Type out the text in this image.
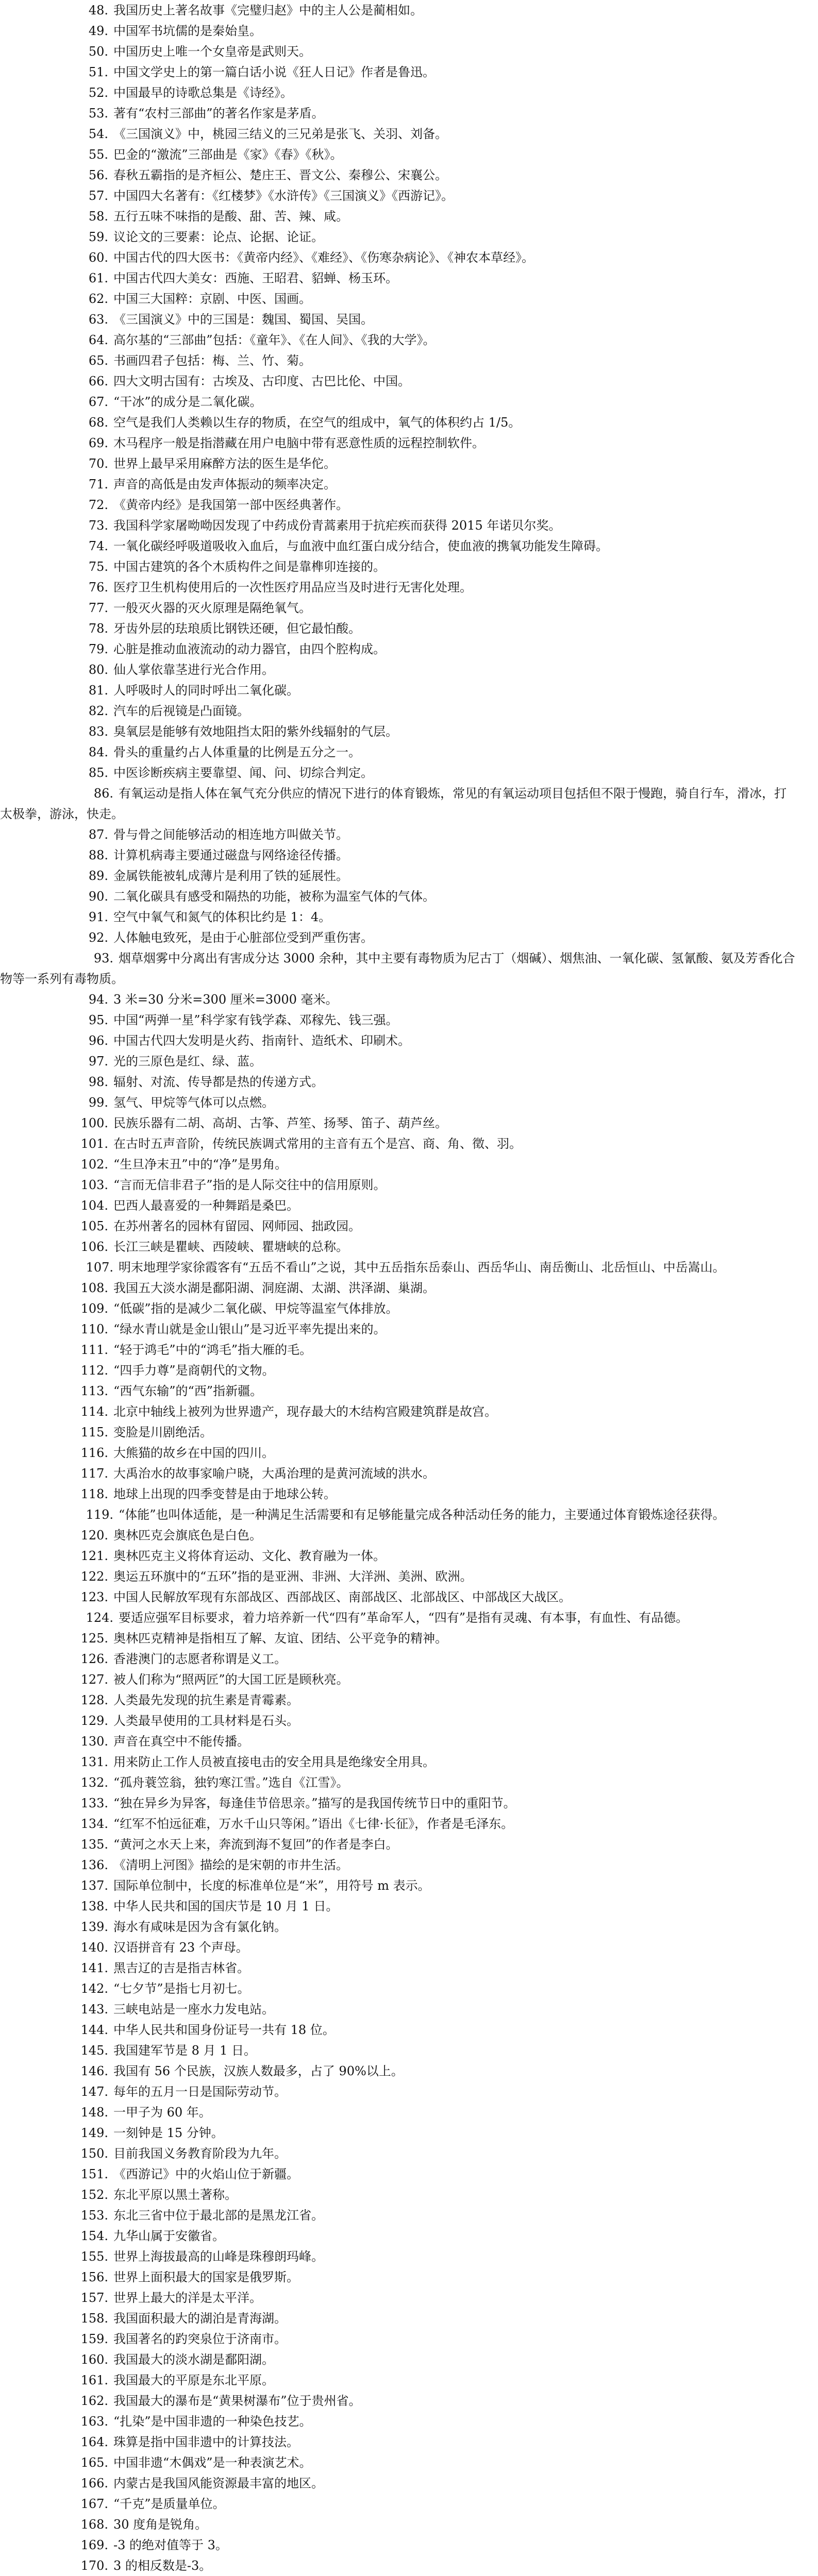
48. 我国历史上著名故事《完璧归赵》中的主人公是蔺相如。
49. 中国军书坑儒的是秦始皇。
50. 中国历史上唯一个女皇帝是武则天。
51. 中国文学史上的第一篇白话小说《狂人日记》作者是鲁迅。
52. 中国最早的诗歌总集是《诗经》。
53. 著有“农村三部曲”的著名作家是茅盾。
54. 《三国演义》中，桃园三结义的三兄弟是张飞、关羽、刘备。
55. 巴金的“激流”三部曲是《家》《春》《秋》。
56. 春秋五霸指的是齐桓公、楚庄王、晋文公、秦穆公、宋襄公。
57. 中国四大名著有：《红楼梦》《水浒传》《三国演义》《西游记》。
58. 五行五味不味指的是酸、甜、苦、辣、咸。
59. 议论文的三要素：论点、论据、论证。
60. 中国古代的四大医书：《黄帝内经》、《难经》、《伤寒杂病论》、《神农本草经》。
61. 中国古代四大美女：西施、王昭君、貂蝉、杨玉环。
62. 中国三大国粹：京剧、中医、国画。
63. 《三国演义》中的三国是：魏国、蜀国、吴国。
64. 高尔基的“三部曲”包括：《童年》、《在人间》、《我的大学》。
65. 书画四君子包括：梅、兰、竹、菊。
66. 四大文明古国有：古埃及、古印度、古巴比伦、中国。
67. “干冰”的成分是二氧化碳。
68. 空气是我们人类赖以生存的物质，在空气的组成中，氧气的体积约占 1/5。
69. 木马程序一般是指潜藏在用户电脑中带有恶意性质的远程控制软件。
70. 世界上最早采用麻醉方法的医生是华佗。
71. 声音的高低是由发声体振动的频率决定。
72. 《黄帝内经》是我国第一部中医经典著作。
73. 我国科学家屠呦呦因发现了中药成份青蒿素用于抗疟疾而获得 2015 年诺贝尔奖。
74. 一氧化碳经呼吸道吸收入血后，与血液中血红蛋白成分结合，使血液的携氧功能发生障碍。
75. 中国古建筑的各个木质构件之间是靠榫卯连接的。
76. 医疗卫生机构使用后的一次性医疗用品应当及时进行无害化处理。
77. 一般灭火器的灭火原理是隔绝氧气。
78. 牙齿外层的珐琅质比钢铁还硬，但它最怕酸。
79. 心脏是推动血液流动的动力器官，由四个腔构成。
80. 仙人掌依靠茎进行光合作用。
81. 人呼吸时人的同时呼出二氧化碳。
82. 汽车的后视镜是凸面镜。
83. 臭氧层是能够有效地阻挡太阳的紫外线辐射的气层。
84. 骨头的重量约占人体重量的比例是五分之一。
85. 中医诊断疾病主要靠望、闻、问、切综合判定。
86. 有氧运动是指人体在氧气充分供应的情况下进行的体育锻炼，常见的有氧运动项目包括但不限于慢跑，骑自行车，滑冰，打太极拳，游泳，快走。
87. 骨与骨之间能够活动的相连地方叫做关节。
88. 计算机病毒主要通过磁盘与网络途径传播。
89. 金属铁能被轧成薄片是利用了铁的延展性。
90. 二氧化碳具有感受和隔热的功能，被称为温室气体的气体。
91. 空气中氧气和氮气的体积比约是 1：4。
92. 人体触电致死，是由于心脏部位受到严重伤害。
93. 烟草烟雾中分离出有害成分达 3000 余种，其中主要有毒物质为尼古丁（烟碱）、烟焦油、一氧化碳、氢氰酸、氨及芳香化合物等一系列有毒物质。
94. 3 米=30 分米=300 厘米=3000 毫米。
95. 中国“两弹一星”科学家有钱学森、邓稼先、钱三强。
96. 中国古代四大发明是火药、指南针、造纸术、印刷术。
97. 光的三原色是红、绿、蓝。
98. 辐射、对流、传导都是热的传递方式。
99. 氢气、甲烷等气体可以点燃。
100. 民族乐器有二胡、高胡、古筝、芦笙、扬琴、笛子、葫芦丝。
101. 在古时五声音阶，传统民族调式常用的主音有五个是宫、商、角、徵、羽。
102. “生旦净末丑”中的“净”是男角。
103. “言而无信非君子”指的是人际交往中的信用原则。
104. 巴西人最喜爱的一种舞蹈是桑巴。
105. 在苏州著名的园林有留园、网师园、拙政园。
106. 长江三峡是瞿峡、西陵峡、瞿塘峡的总称。
107. 明末地理学家徐霞客有“五岳不看山”之说，其中五岳指东岳泰山、西岳华山、南岳衡山、北岳恒山、中岳嵩山。
108. 我国五大淡水湖是鄱阳湖、洞庭湖、太湖、洪泽湖、巢湖。
109. “低碳”指的是减少二氧化碳、甲烷等温室气体排放。
110. “绿水青山就是金山银山”是习近平率先提出来的。
111. “轻于鸿毛”中的“鸿毛”指大雁的毛。
112. “四手力尊”是商朝代的文物。
113. “西气东输”的“西”指新疆。
114. 北京中轴线上被列为世界遗产，现存最大的木结构宫殿建筑群是故宫。
115. 变脸是川剧绝活。
116. 大熊猫的故乡在中国的四川。
117. 大禹治水的故事家喻户晓，大禹治理的是黄河流域的洪水。
118. 地球上出现的四季变替是由于地球公转。
119. “体能”也叫体适能，是一种满足生活需要和有足够能量完成各种活动任务的能力，主要通过体育锻炼途径获得。
120. 奥林匹克会旗底色是白色。
121. 奥林匹克主义将体育运动、文化、教育融为一体。
122. 奥运五环旗中的“五环”指的是亚洲、非洲、大洋洲、美洲、欧洲。
123. 中国人民解放军现有东部战区、西部战区、南部战区、北部战区、中部战区大战区。
124. 要适应强军目标要求，着力培养新一代“四有”革命军人，“四有”是指有灵魂、有本事，有血性、有品德。
125. 奥林匹克精神是指相互了解、友谊、团结、公平竞争的精神。
126. 香港澳门的志愿者称谓是义工。
127. 被人们称为“照两匠”的大国工匠是顾秋亮。
128. 人类最先发现的抗生素是青霉素。
129. 人类最早使用的工具材料是石头。
130. 声音在真空中不能传播。
131. 用来防止工作人员被直接电击的安全用具是绝缘安全用具。
132. “孤舟蓑笠翁，独钓寒江雪。”选自《江雪》。
133. “独在异乡为异客，每逢佳节倍思亲。”描写的是我国传统节日中的重阳节。
134. “红军不怕远征难，万水千山只等闲。”语出《七律·长征》，作者是毛泽东。
135. “黄河之水天上来，奔流到海不复回”的作者是李白。
136. 《清明上河图》描绘的是宋朝的市井生活。
137. 国际单位制中，长度的标准单位是“米”，用符号 m 表示。
138. 中华人民共和国的国庆节是 10 月 1 日。
139. 海水有咸味是因为含有氯化钠。
140. 汉语拼音有 23 个声母。
141. 黑吉辽的吉是指吉林省。
142. “七夕节”是指七月初七。
143. 三峡电站是一座水力发电站。
144. 中华人民共和国身份证号一共有 18 位。
145. 我国建军节是 8 月 1 日。
146. 我国有 56 个民族，汉族人数最多，占了 90%以上。
147. 每年的五月一日是国际劳动节。
148. 一甲子为 60 年。
149. 一刻钟是 15 分钟。
150. 目前我国义务教育阶段为九年。
151. 《西游记》中的火焰山位于新疆。
152. 东北平原以黑土著称。
153. 东北三省中位于最北部的是黑龙江省。
154. 九华山属于安徽省。
155. 世界上海拔最高的山峰是珠穆朗玛峰。
156. 世界上面积最大的国家是俄罗斯。
157. 世界上最大的洋是太平洋。
158. 我国面积最大的湖泊是青海湖。
159. 我国著名的趵突泉位于济南市。
160. 我国最大的淡水湖是鄱阳湖。
161. 我国最大的平原是东北平原。
162. 我国最大的瀑布是“黄果树瀑布”位于贵州省。
163. “扎染”是中国非遗的一种染色技艺。
164. 珠算是指中国非遗中的计算技法。
165. 中国非遗“木偶戏”是一种表演艺术。
166. 内蒙古是我国风能资源最丰富的地区。
167. “千克”是质量单位。
168. 30 度角是锐角。
169. -3 的绝对值等于 3。
170. 3 的相反数是-3。
